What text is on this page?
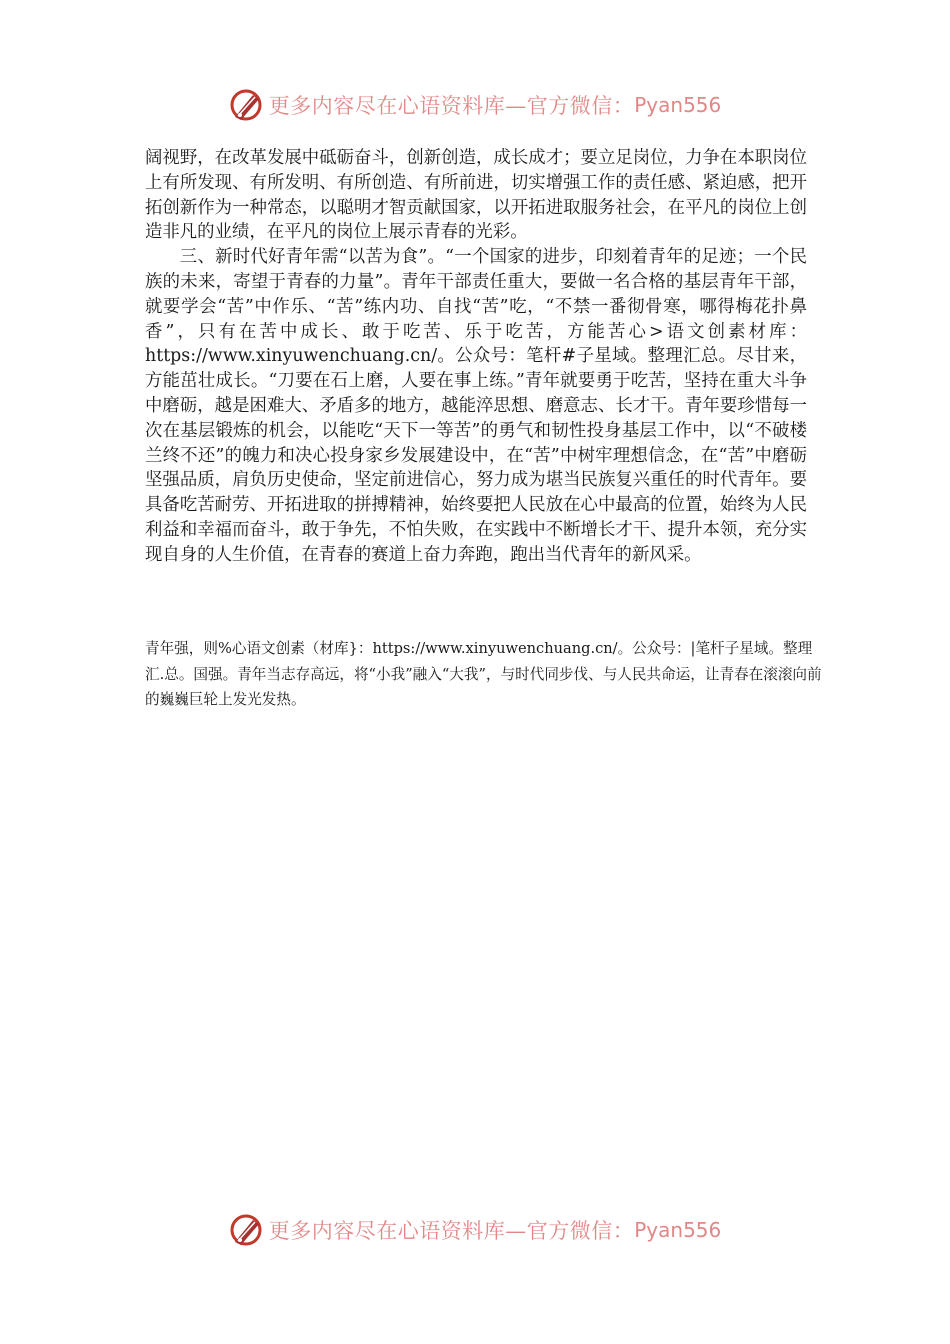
更多内容尽在心语资料库—官方微信： Pyan556

阔视野，在改革发展中砥砺奋斗，创新创造，成长成才；要立足岗位，力争在本职岗位上有所发现、有所发明、有所创造、有所前进，切实增强工作的责任感、紧迫感，把开拓创新作为一种常态，以聪明才智贡献国家，以开拓进取服务社会，在平凡的岗位上创造非凡的业绩，在平凡的岗位上展示青春的光彩。

三、新时代好青年需“以苦为食”。“一个国家的进步，印刻着青年的足迹；一个民族的未来，寄望于青春的力量”。青年干部责任重大，要做一名合格的基层青年干部，就要学会“苦”中作乐、“苦”练内功、自找“苦”吃，“不禁一番彻骨寒，哪得梅花扑鼻香”，只有在苦中成长、敢于吃苦、乐于吃苦，方能苦心>语文创素材库：https://www.xinyuwenchuang.cn/。公众号：笔杆#子星域。整理汇总。尽甘来，方能茁壮成长。“刀要在石上磨，人要在事上练。”青年就要勇于吃苦，坚持在重大斗争中磨砺，越是困难大、矛盾多的地方，越能淬思想、磨意志、长才干。青年要珍惜每一次在基层锻炼的机会，以能吃“天下一等苦”的勇气和韧性投身基层工作中，以“不破楼兰终不还”的魄力和决心投身家乡发展建设中，在“苦”中树牢理想信念，在“苦”中磨砺坚强品质，肩负历史使命，坚定前进信心，努力成为堪当民族复兴重任的时代青年。要具备吃苦耐劳、开拓进取的拼搏精神，始终要把人民放在心中最高的位置，始终为人民利益和幸福而奋斗，敢于争先，不怕失败，在实践中不断增长才干、提升本领，充分实现自身的人生价值，在青春的赛道上奋力奔跑，跑出当代青年的新风采。

青年强，则%心语文创素（材库}：https://www.xinyuwenchuang.cn/。公众号：|笔杆子星域。整理汇.总。国强。青年当志存高远，将“小我”融入“大我”，与时代同步伐、与人民共命运，让青春在滚滚向前的巍巍巨轮上发光发热。

更多内容尽在心语资料库—官方微信： Pyan556
